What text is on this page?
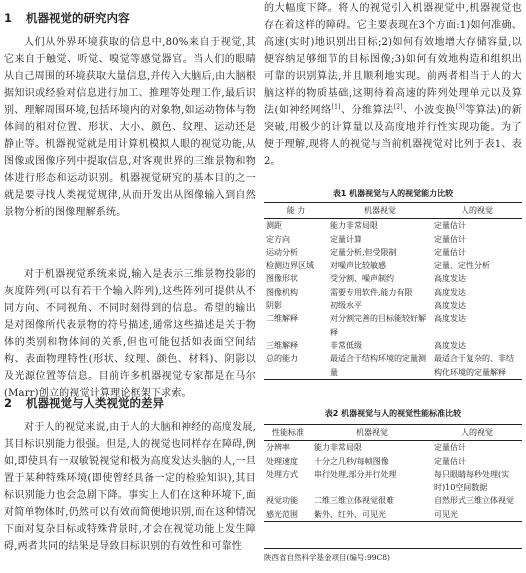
1 机器视觉的研究内容

人们从外界环境获取的信息中,80%来自于视觉,其它来自于触觉、听觉、嗅觉等感觉器官。当人们的眼睛从自己周围的环境获取大量信息,并传入大脑后,由大脑根据知识或经验对信息进行加工、推理等处理工作,最后识别、理解周围环境,包括环境内的对象物,如运动物体与物体间的相对位置、形状、大小、颜色、纹理、运动还是静止等。机器视觉就是用计算机模拟人眼的视觉功能,从图像或图像序列中提取信息,对客观世界的三维景物和物体进行形态和运动识别。机器视觉研究的基本目的之一就是要寻找人类视觉规律,从而开发出从图像输入到自然景物分析的图像理解系统。

对于机器视觉系统来说,输入是表示三维景物投影的灰度阵列(可以有若干个输入阵列),这些阵列可提供从不同方向、不同视角、不同时刻得到的信息。希望的输出是对图像所代表景物的符号描述,通常这些描述是关于物体的类别和物体间的关系,但也可能包括如表面空间结构、表面物理特性(形状、纹理、颜色、材料)、阴影以及光源位置等信息。目前许多机器视觉专家都是在马尔(Marr)创立的视觉计算理论框架下求索。

2 机器视觉与人类视觉的差异

对于人的视觉来说,由于人的大脑和神经的高度发展,其目标识别能力很强。但是,人的视觉也同样存在障碍,例如,即使具有一双敏锐视觉和极为高度发达头脑的人,一旦置于某种特殊环境(即使曾经具备一定的检验知识),其目标识别能力也会急剧下降。事实上人们在这种环境下,面对简单物体时,仍然可以有效而简便地识别,而在这种情况下面对复杂目标或特殊背景时,才会在视觉功能上发生障碍,两者共同的结果是导致目标识别的有效性和可靠性

的大幅度下降。将人的视觉引入机器视觉中,机器视觉也存在着这样的障碍。它主要表现在3个方面:1)如何准确、高速(实时)地识别出目标;2)如何有效地增大存储容量,以便容纳足够细节的目标图像;3)如何有效地构造和组织出可靠的识别算法,并且顺利地实现。前两者相当于人的大脑这样的物质基础,这期待着高速的阵列处理单元以及算法(如神经网络[1]、分维算法[2]、小波变换[3]等算法)的新突破,用极少的计算量以及高度地并行性实现功能。为了便于理解,现将人的视觉与当前机器视觉对比列于表1、表2。

表1 机器视觉与人的视觉能力比较
能 力	机器视觉	人的视觉
测距	能力非常局限	定量估计
定方向	定量计算	定量估计
运动分析	定量分析,但受限制	定量估计
检测边界区域	对噪声比较敏感	定量、定性分析
图像形状	受分割、噪声制约	高度发达
图像机构	需要专用软件,能力有限	高度发达
阴影	初级水平	高度发达
二维解释	对分割完善的目标能较好解释	高度发达
三维解释	非常低级	高度发达
总的能力	最适合于结构环境的定量测量	最适合于复杂的、非结构化环境的定量解释
表2 机器视觉与人的视觉性能标准比较
性能标准	机器视觉	人的视觉
分辨率	能力非常局限	定量估计
处理速度	十分之几秒/每帧图像	定量估计
处理方式	串行处理,部分并行处理	每只眼睛每秒处理(实时)10空间数据
视觉功能	二维三维立体视觉很难	自然形式三维立体视觉
感光范围	紫外、红外、可见光	可见光
陕西省自然科学基金项目(编号:99C8)
